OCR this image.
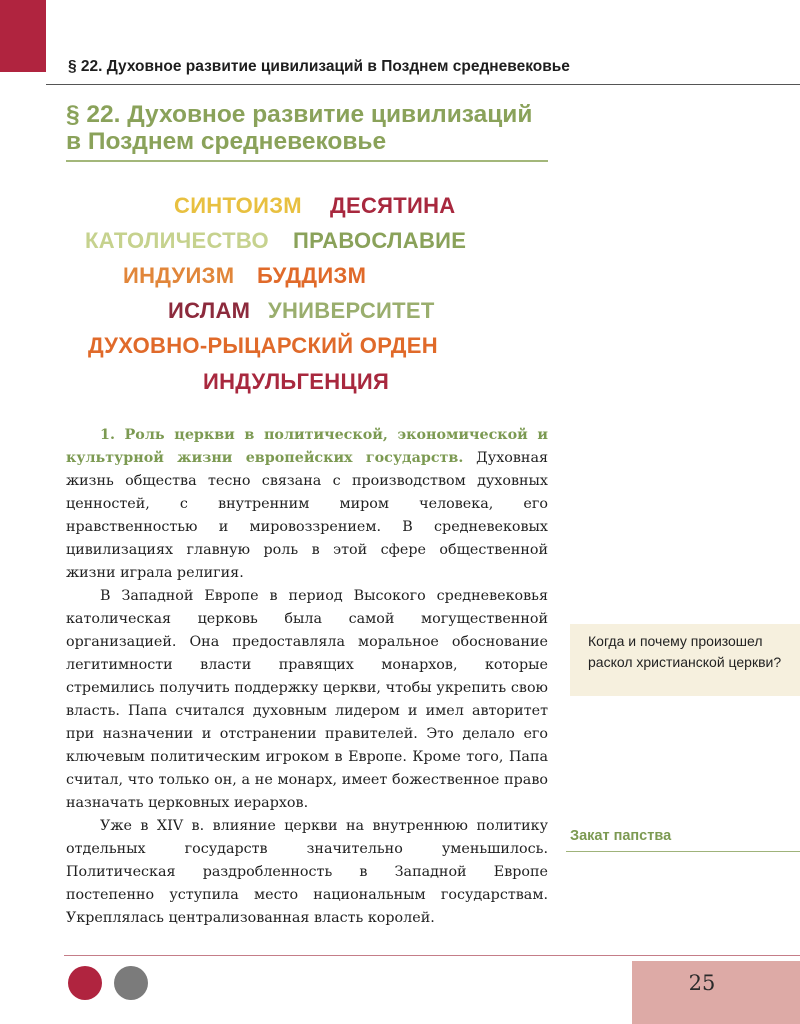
§ 22. Духовное развитие цивилизаций в Позднем средневековье
§ 22. Духовное развитие цивилизаций
в Позднем средневековье
СИНТОИЗМ ДЕСЯТИНА
КАТОЛИЧЕСТВО ПРАВОСЛАВИЕ
ИНДУИЗМ БУДДИЗМ
ИСЛАМ УНИВЕРСИТЕТ
ДУХОВНО-РЫЦАРСКИЙ ОРДЕН
ИНДУЛЬГЕНЦИЯ

1. Роль церкви в политической, экономической и культурной жизни европейских государств. Духовная жизнь общества тесно связана с производством духовных ценностей, с внутренним миром человека, его нравственностью и мировоззрением. В средневековых цивилизациях главную роль в этой сфере общественной жизни играла религия.

В Западной Европе в период Высокого средневековья католическая церковь была самой могущественной организацией. Она предоставляла моральное обоснование легитимности власти правящих монархов, которые стремились получить поддержку церкви, чтобы укрепить свою власть. Папа считался духовным лидером и имел авторитет при назначении и отстранении правителей. Это делало его ключевым политическим игроком в Европе. Кроме того, Папа считал, что только он, а не монарх, имеет божественное право назначать церковных иерархов.

Уже в XIV в. влияние церкви на внутреннюю политику отдельных государств значительно уменьшилось. Политическая раздробленность в Западной Европе постепенно уступила место национальным государствам. Укреплялась централизованная власть королей.

Когда и почему произошел раскол христианской церкви?
Закат папства
25
